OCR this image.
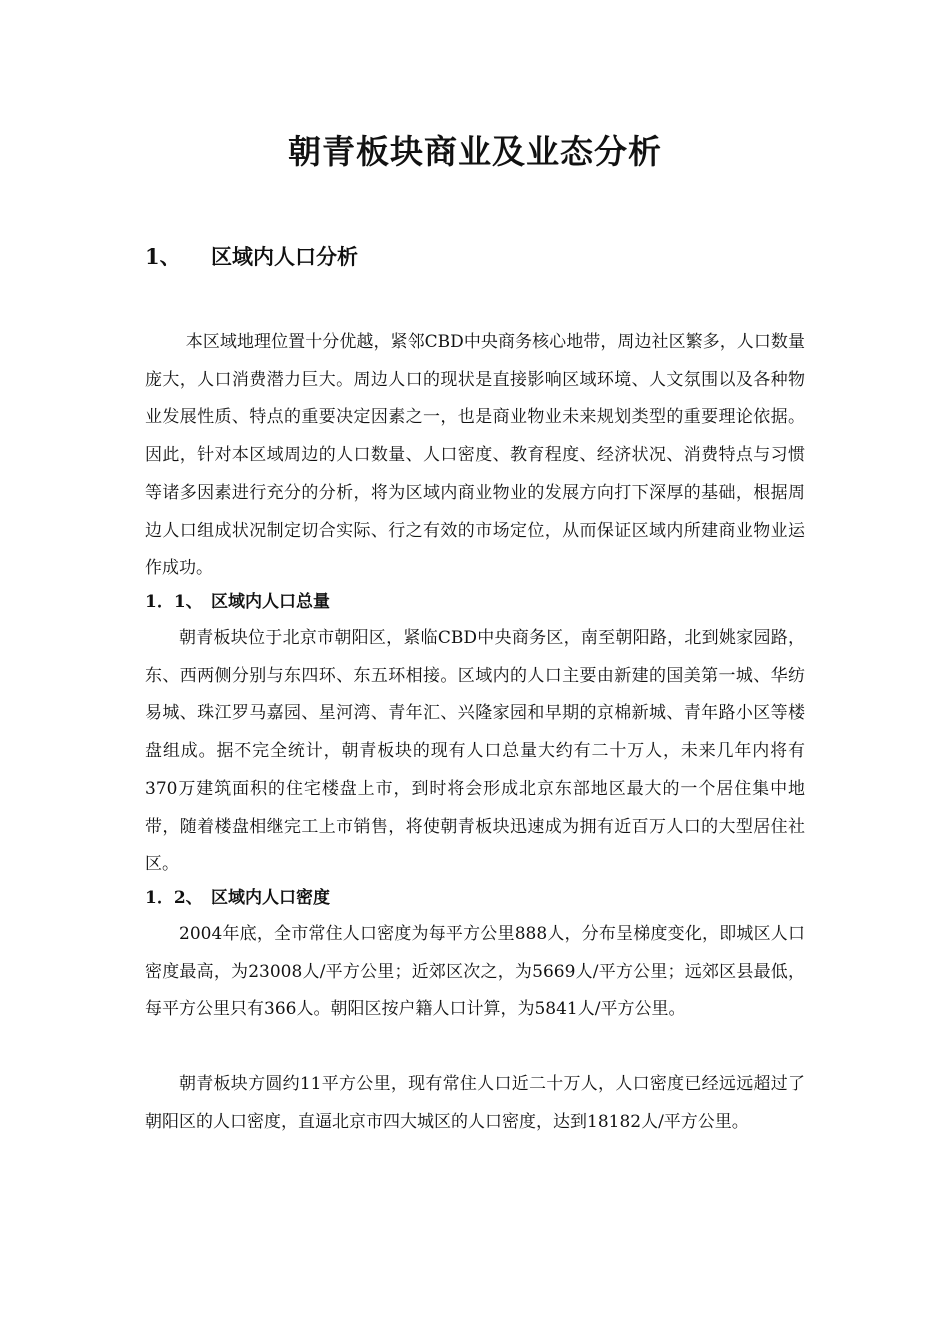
朝青板块商业及业态分析
1、 区域内人口分析

本区域地理位置十分优越，紧邻CBD中央商务核心地带，周边社区繁多，人口数量庞大，人口消费潜力巨大。周边人口的现状是直接影响区域环境、人文氛围以及各种物业发展性质、特点的重要决定因素之一，也是商业物业未来规划类型的重要理论依据。因此，针对本区域周边的人口数量、人口密度、教育程度、经济状况、消费特点与习惯等诸多因素进行充分的分析，将为区域内商业物业的发展方向打下深厚的基础，根据周边人口组成状况制定切合实际、行之有效的市场定位，从而保证区域内所建商业物业运作成功。

1．1、 区域内人口总量

朝青板块位于北京市朝阳区，紧临CBD中央商务区，南至朝阳路，北到姚家园路，东、西两侧分别与东四环、东五环相接。区域内的人口主要由新建的国美第一城、华纺易城、珠江罗马嘉园、星河湾、青年汇、兴隆家园和早期的京棉新城、青年路小区等楼盘组成。据不完全统计，朝青板块的现有人口总量大约有二十万人，未来几年内将有370万建筑面积的住宅楼盘上市，到时将会形成北京东部地区最大的一个居住集中地带，随着楼盘相继完工上市销售，将使朝青板块迅速成为拥有近百万人口的大型居住社区。

1．2、 区域内人口密度

2004年底，全市常住人口密度为每平方公里888人，分布呈梯度变化，即城区人口密度最高，为23008人/平方公里；近郊区次之，为5669人/平方公里；远郊区县最低，每平方公里只有366人。朝阳区按户籍人口计算，为5841人/平方公里。

朝青板块方圆约11平方公里，现有常住人口近二十万人，人口密度已经远远超过了朝阳区的人口密度，直逼北京市四大城区的人口密度，达到18182人/平方公里。
